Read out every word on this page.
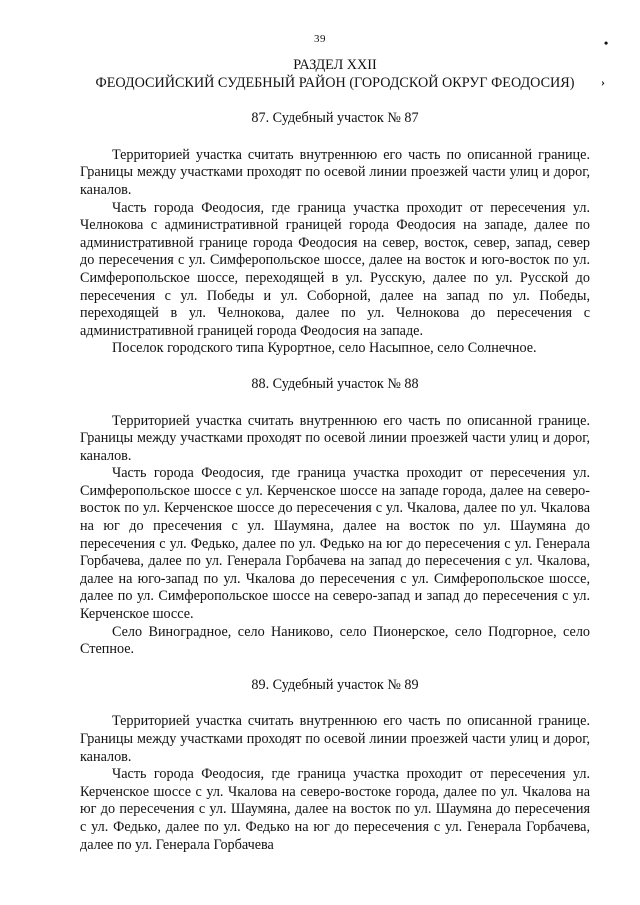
39	•
›
РАЗДЕЛ XXII
ФЕОДОСИЙСКИЙ СУДЕБНЫЙ РАЙОН (ГОРОДСКОЙ ОКРУГ ФЕОДОСИЯ)
87. Судебный участок № 87

Территорией участка считать внутреннюю его часть по описанной границе. Границы между участками проходят по осевой линии проезжей части улиц и дорог, каналов.

Часть города Феодосия, где граница участка проходит от пересечения ул. Челнокова с административной границей города Феодосия на западе, далее по административной границе города Феодосия на север, восток, север, запад, север до пересечения с ул. Симферопольское шоссе, далее на восток и юго-восток по ул. Симферопольское шоссе, переходящей в ул. Русскую, далее по ул. Русской до пересечения с ул. Победы и ул. Соборной, далее на запад по ул. Победы, переходящей в ул. Челнокова, далее по ул. Челнокова до пересечения с административной границей города Феодосия на западе.

Поселок городского типа Курортное, село Насыпное, село Солнечное.

88. Судебный участок № 88

Территорией участка считать внутреннюю его часть по описанной границе. Границы между участками проходят по осевой линии проезжей части улиц и дорог, каналов.

Часть города Феодосия, где граница участка проходит от пересечения ул. Симферопольское шоссе с ул. Керченское шоссе на западе города, далее на северо-восток по ул. Керченское шоссе до пересечения с ул. Чкалова, далее по ул. Чкалова на юг до пресечения с ул. Шаумяна, далее на восток по ул. Шаумяна до пересечения с ул. Федько, далее по ул. Федько на юг до пересечения с ул. Генерала Горбачева, далее по ул. Генерала Горбачева на запад до пересечения с ул. Чкалова, далее на юго-запад по ул. Чкалова до пересечения с ул. Симферопольское шоссе, далее по ул. Симферопольское шоссе на северо-запад и запад до пересечения с ул. Керченское шоссе.

Село Виноградное, село Наниково, село Пионерское, село Подгорное, село Степное.

89. Судебный участок № 89

Территорией участка считать внутреннюю его часть по описанной границе. Границы между участками проходят по осевой линии проезжей части улиц и дорог, каналов.

Часть города Феодосия, где граница участка проходит от пересечения ул. Керченское шоссе с ул. Чкалова на северо-востоке города, далее по ул. Чкалова на юг до пересечения с ул. Шаумяна, далее на восток по ул. Шаумяна до пересечения с ул. Федько, далее по ул. Федько на юг до пересечения с ул. Генерала Горбачева, далее по ул. Генерала Горбачева
